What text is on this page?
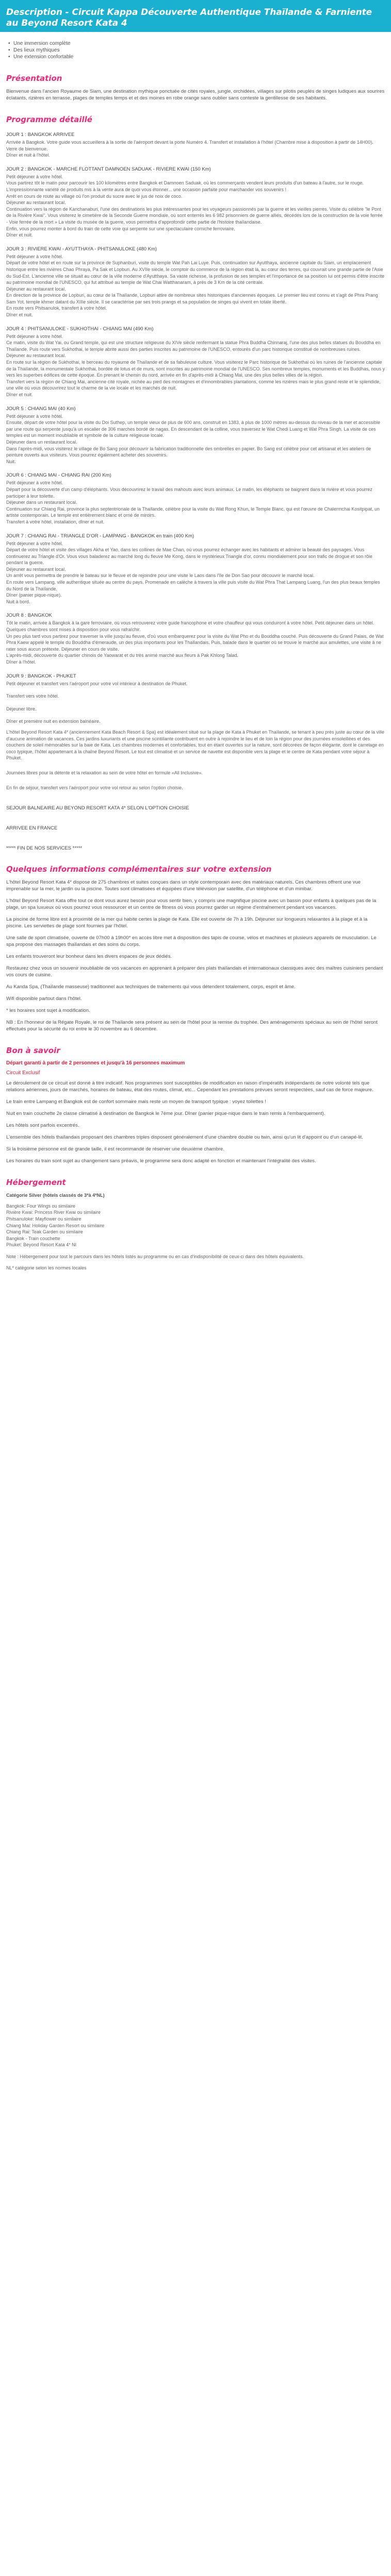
Description - Circuit Kappa Découverte Authentique Thaïlande & Farniente au Beyond Resort Kata 4
• Une immersion complète
• Des lieux mythiques
• Une extension confortable
Présentation

Bienvenue dans l'ancien Royaume de Siam, une destination mythique ponctuée de cités royales, jungle, orchidées, villages sur pilotis peuplés de singes ludiques aux sourires éclatants, rizières en terrasse, plages de temples temps et et des moines en robe orange sans oublier sans conteste la gentillesse de ses habitants.

Programme détaillé
JOUR 1 : BANGKOK ARRIVEE
Arrivée à Bangkok. Votre guide vous accueillera à la sortie de l'aéroport devant la porte Numéro 4. Transfert et installation à l'hôtel (Chambre mise à disposition à partir de 14H00). Verre de bienvenue.
Dîner et nuit à l'hôtel.
JOUR 2 : BANGKOK - MARCHE FLOTTANT DAMNOEN SADUAK - RIVIERE KWAI (150 Km)
Petit déjeuner à votre hôtel.
Vous partirez tôt le matin pour parcourir les 100 kilomètres entre Bangkok et Damnoen Saduak, où les commerçants vendent leurs produits d'un bateau à l'autre, sur le rouge. L'impressionnante variété de produits mis à la vente aura de quoi vous étonner... une occasion parfaite pour marchander vos souvenirs !
Arrêt en cours de route au village où l'on produit du sucre avec le jus de noix de coco.
Déjeuner au restaurant local.
Continuation vers la région de Kanchanaburi, l'une des destinations les plus intéressantes pour les voyageurs passionnés par la guerre et les vieilles pierres. Visite du célèbre "le Pont de la Rivière Kwai". Vous visiterez le cimetière de la Seconde Guerre mondiale, où sont enterrés les 6 982 prisonniers de guerre alliés, décédés lors de la construction de la voie ferrée - Voie ferrée de la mort » La visite du musée de la guerre, vous permettra d'approfondir cette partie de l'histoire thaïlandaise.
Enfin, vous pourrez monter à bord du train de cette voie qui serpente sur une spectaculaire corniche ferroviaire.
Dîner et nuit.
JOUR 3 : RIVIERE KWAI - AYUTTHAYA - PHITSANULOKE (480 Km)
Petit déjeuner à votre hôtel.
Départ de votre hôtel et en route sur la province de Suphanburi, visite du temple Wat Pah Lai Luye. Puis, continuation sur Ayutthaya, ancienne capitale du Siam, un emplacement historique entre les rivières Chao Phraya, Pa Sak et Lopburi. Au XVIIe siècle, le comptoir du commerce de la région était là, au cœur des terres, qui couvrait une grande partie de l'Asie du Sud-Est. L'ancienne ville se situait au cœur de la ville moderne d'Ayutthaya. Sa vaste richesse, la profusion de ses temples et l'importance de sa position lui ont permis d'être inscrite au patrimoine mondial de l'UNESCO, qui fut attribué au temple de Wat Chai Watthanaram, à près de 3 Km de la cité centrale.
Déjeuner au restaurant local.
En direction de la province de Lopburi, au cœur de la Thaïlande, Lopburi attire de nombreux sites historiques d'anciennes époques. Le premier lieu est connu et s'agit de Phra Prang Sam Yot, temple khmer datant du XIIIe siècle. Il se caractérise par ses trois prangs et sa population de singes qui vivent en totale liberté.
En route vers Phitsanulok, transfert à votre hôtel.
Dîner et nuit.
JOUR 4 : PHITSANULOKE - SUKHOTHAI - CHIANG MAI (490 Km)
Petit déjeuner à votre hôtel.
Ce matin, visite du Wat Yai, ou Grand temple, qui est une structure religieuse du XIVe siècle renfermant la statue Phra Buddha Chinnaraj, l'une des plus belles statues du Bouddha en Thaïlande. Puis route vers Sukhothai, le temple abrite aussi des parties inscrites au patrimoine de l'UNESCO, entourés d'un parc historique constitué de nombreuses ruines.
Déjeuner au restaurant local.
En route sur la région de Sukhothai, le berceau du royaume de Thaïlande et de sa fabuleuse culture. Vous visiterez le Parc historique de Sukhothai où les ruines de l'ancienne capitale de la Thaïlande, la monumentale Sukhothai, bordée de lotus et de murs, sont inscrites au patrimoine mondial de l'UNESCO. Ses nombreux temples, monuments et les Buddhas, nous y vers les superbes édifices de cette époque. En prenant le chemin du nord, arrivée en fin d'après-midi à Chiang Mai, une des plus belles villes de la région.
Transfert vers la région de Chiang Mai, ancienne cité royale, nichée au pied des montagnes et d'innombrables plantations, comme les rizières mais le plus grand reste et le splendide, une ville où vous découvrirez tout le charme de la vie locale et les marchés de nuit.
Dîner et nuit.
JOUR 5 : CHIANG MAI (40 Km)
Petit déjeuner à votre hôtel.
Ensuite, départ de votre hôtel pour la visite du Doi Suthep, un temple vieux de plus de 600 ans, construit en 1383, à plus de 1000 mètres au-dessus du niveau de la mer et accessible par une route qui serpente jusqu'à un escalier de 306 marches bordé de nagas. En descendant de la colline, vous traversez le Wat Chedi Luang et Wat Phra Singh. La visite de ces temples est un moment inoubliable et symbole de la culture religieuse locale.
Déjeuner dans un restaurant local.
Dans l'après-midi, vous visiterez le village de Bo Sang pour découvrir la fabrication traditionnelle des ombrelles en papier. Bo Sang est célèbre pour cet artisanat et les ateliers de peinture ouverts aux visiteurs. Vous pourrez également acheter des souvenirs.
Nuit.
JOUR 6 : CHIANG MAI - CHIANG RAI (200 Km)
Petit déjeuner à votre hôtel.
Départ pour la découverte d'un camp d'éléphants. Vous découvrirez le travail des mahouts avec leurs animaux. Le matin, les éléphants se baignent dans la rivière et vous pourrez participer à leur toilette.
Déjeuner dans un restaurant local.
Continuation sur Chiang Rai, province la plus septentrionale de la Thaïlande, célèbre pour la visite du Wat Rong Khun, le Temple Blanc, qui est l'œuvre de Chalermchai Kositpipat, un artiste contemporain. Le temple est entièrement blanc et orné de miroirs.
Transfert à votre hôtel, installation, dîner et nuit.
JOUR 7 : CHIANG RAI - TRIANGLE D'OR - LAMPANG - BANGKOK en train (400 Km)
Petit déjeuner à votre hôtel.
Départ de votre hôtel et visite des villages Akha et Yao, dans les collines de Mae Chan, où vous pourrez échanger avec les habitants et admirer la beauté des paysages. Vous continuerez au Triangle d'Or. Vous vous baladerez au marché long du fleuve Me Kong, dans le mystérieux Triangle d'or, connu mondialement pour son trafic de drogue et son rôle pendant la guerre.
Déjeuner au restaurant local.
Un arrêt vous permettra de prendre le bateau sur le fleuve et de rejoindre pour une visite le Laos dans l'île de Don Sao pour découvrir le marché local.
En route vers Lampang, ville authentique située au centre du pays. Promenade en calèche à travers la ville puis visite du Wat Phra That Lampang Luang, l'un des plus beaux temples du Nord de la Thaïlande.
Dîner (panier pique-nique).
Nuit à bord.
JOUR 8 : BANGKOK
Tôt le matin, arrivée à Bangkok à la gare ferroviaire, où vous retrouverez votre guide francophone et votre chauffeur qui vous conduiront à votre hôtel. Petit déjeuner dans un hôtel. Quelques chambres sont mises à disposition pour vous rafraîchir.
Un peu plus tard vous partirez pour traverser la ville jusqu'au fleuve, d'où vous embarquerez pour la visite du Wat Pho et du Bouddha couché. Puis découverte du Grand Palais, de Wat Phra Kaew appelé le temple du Bouddha d'émeraude, un des plus importants pour les Thaïlandais. Puis, balade dans le quartier où se trouve le marché aux amulettes, une visite à ne rater sous aucun prétexte. Déjeuner en cours de visite.
L'après-midi, découverte du quartier chinois de Yaowarat et du très animé marché aux fleurs à Pak Khlong Talad.
Dîner à l'hôtel.
JOUR 9 : BANGKOK - PHUKET
Petit déjeuner et transfert vers l'aéroport pour votre vol intérieur à destination de Phuket.
Transfert vers votre hôtel.
Déjeuner libre.
Dîner et première nuit en extension balnéaire.
L'hôtel Beyond Resort Kata 4* (anciennement Kata Beach Resort & Spa) est idéalement situé sur la plage de Kata à Phuket en Thaïlande, se tenant à peu près juste au cœur de la ville d'aucune animation de vacances. Ces jardins luxuriants et une piscine scintillante contribuent en outre à rejoindre le lieu et de loin la région pour des journées ensoleillées et des couchers de soleil mémorables sur la baie de Kata. Les chambres modernes et confortables, tout en étant ouvertes sur la nature, sont décorées de façon élégante, dont le carrelage en coco typique, l'hôtel appartenant à la chaîne Beyond Resort. Le tout est climatisé et un service de navette est disponible vers la plage et le centre de Kata pendant votre séjour à Phuket.
Journées libres pour la détente et la relaxation au sein de votre hôtel en formule «All Inclusive».
En fin de séjour, transfert vers l'aéroport pour votre vol retour au selon l'option choisie.
SEJOUR BALNEAIRE AU BEYOND RESORT KATA 4* SELON L'OPTION CHOISIE
ARRIVEE EN FRANCE
***** FIN DE NOS SERVICES *****
Quelques informations complémentaires sur votre extension

L'hôtel Beyond Resort Kata 4* dispose de 275 chambres et suites conçues dans un style contemporain avec des matériaux naturels. Ces chambres offrent une vue imprenable sur la mer, le jardin ou la piscine. Toutes sont climatisées et équipées d'une télévision par satellite, d'un téléphone et d'un minibar.

L'hôtel Beyond Resort Kata offre tout ce dont vous aurez besoin pour vous sentir bien, y compris une magnifique piscine avec un bassin pour enfants à quelques pas de la plage, un spa luxueux où vous pourrez vous ressourcer et un centre de fitness où vous pourrez garder un régime d'entraînement pendant vos vacances.

La piscine de forme libre est à proximité de la mer qui habite certes la plage de Kata. Elle est ouverte de 7h à 19h. Déjeuner sur longueurs relaxantes à la plage et à la piscine. Les serviettes de plage sont fournies par l'hôtel.

Une salle de sport climatisée, ouverte de 07h00 à 19h00* en accès libre met à disposition des tapis de course, vélos et machines et plusieurs appareils de musculation. Le spa propose des massages thaïlandais et des soins du corps.

Les enfants trouveront leur bonheur dans les divers espaces de jeux dédiés.

Restaurez chez vous un souvenir inoubliable de vos vacances en apprenant à préparer des plats thaïlandais et internationaux classiques avec des maîtres cuisiniers pendant vos cours de cuisine.

Au Kanda Spa, (Thaïlande masseuse) traditionnel aux techniques de traitements qui vous détendent totalement, corps, esprit et âme.

Wifi disponible partout dans l'hôtel.

* les horaires sont sujet à modification.

NB : En l'honneur de la Régate Royale, le roi de Thaïlande sera présent au sein de l'hôtel pour la remise du trophée. Des aménagements spéciaux au sein de l'hôtel seront effectués pour la sécurité du roi entre le 30 novembre au 6 décembre.

Bon à savoir
Départ garanti à partir de 2 personnes et jusqu'à 16 personnes maximum
Circuit Exclusif

Le déroulement de ce circuit est donné à titre indicatif. Nos programmes sont susceptibles de modification en raison d'impératifs indépendants de notre volonté tels que relations aériennes, jours de marchés, horaires de bateau, état des routes, climat, etc... Cependant les prestations prévues seront respectées, sauf cas de force majeure.

Le train entre Lampang et Bangkok est de confort sommaire mais reste un moyen de transport typique : voyez toilettes !

Nuit en train couchette 2e classe climatisé à destination de Bangkok le 7ème jour. Dîner (panier pique-nique dans le train remis à l'embarquement).

Les hôtels sont parfois excentrés.

L'ensemble des hôtels thaïlandais proposant des chambres triples disposent généralement d'une chambre double ou twin, ainsi qu'un lit d'appoint ou d'un canapé-lit.

Si la troisième personne est de grande taille, il est recommandé de réserver une deuxième chambre.

Les horaires du train sont sujet au changement sans préavis, le programme sera donc adapté en fonction et maintenant l'intégralité des visites.

Hébergement
Catégorie Silver (hôtels classés de 3*à 4*NL)
Bangkok: Four Wings ou similaire
Rivière Kwai: Princess River Kwai ou similaire
Phitsanuloke: Mayflower ou similaire
Chiang Mai: Holiday Garden Resort ou similaire
Chiang Rai: Teak Garden ou similaire
Bangkok - Train couchette
Phuket: Beyond Resort Kata 4* NI
Note : Hébergement pour tout le parcours dans les hôtels listés au programme ou en cas d'indisponibilité de ceux-ci dans des hôtels équivalents.
NL* catégorie selon les normes locales
